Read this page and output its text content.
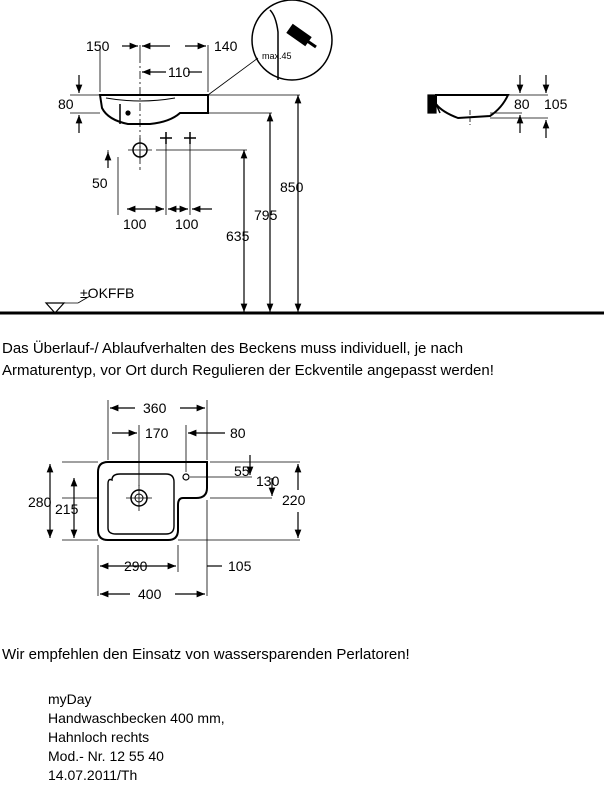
150	140
110
80
50
100 100
635
795
850
max.45
±OKFFB
80 105
360
170	80
55
130
280 215
220
290	105
400
Das Überlauf-/ Ablaufverhalten des Beckens muss individuell, je nach
Armaturentyp, vor Ort durch Regulieren der Eckventile angepasst werden!
Wir empfehlen den Einsatz von wassersparenden Perlatoren!
myDay
Handwaschbecken 400 mm,
Hahnloch rechts
Mod.- Nr. 12 55 40
14.07.2011/Th
